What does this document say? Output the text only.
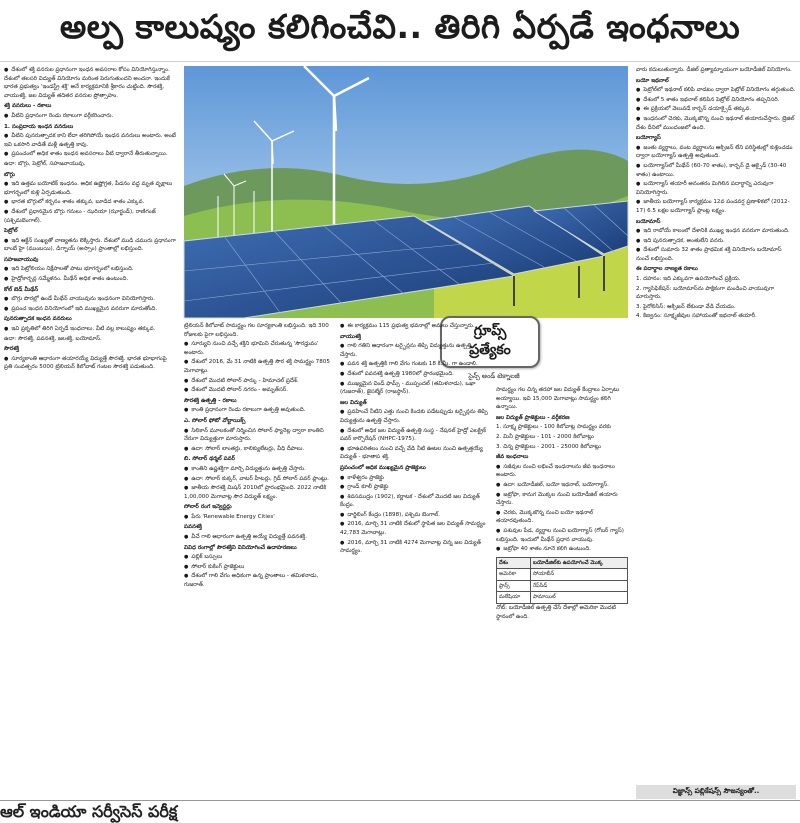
అల్ప కాలుష్యం కలిగించేవి.. తిరిగి ఏర్పడే ఇంధనాలు

● దేశంలో శక్తి వనరుల ప్రధానంగా ఇంధన అవసరాల కోసం వినియోగిస్తున్నాం. దేశంలో తలసరి విద్యుత్ వినియోగం మరింత పెరుగుతుందని అంచనా. ఇందుకే భారత ప్రభుత్వం 'ఇండస్ట్రీ శక్తి' అనే కార్యక్రమానికి శ్రీకారం చుట్టింది. సౌరశక్తి, వాయుశక్తి, జల విద్యుత్ తదితర వనరుల ప్రోత్సాహం.

శక్తి వనరులు - రకాలు

● వీటిని ప్రధానంగా రెండు రకాలుగా వర్గీకరించారు.

1. సంప్రదాయ ఇంధన వనరులు

● వీటిని పునరుత్పాదక కాని లేదా తరిగిపోయే ఇంధన వనరులు అంటారు. అంటే ఇవి ఒకసారి వాడితే మళ్లీ ఉత్పత్తి కావు.

● ప్రపంచంలో అధిక శాతం ఇంధన అవసరాలు వీటి ద్వారానే తీరుతున్నాయి.

ఉదా: బొగ్గు, పెట్రోల్, సహజవాయువు.

బొగ్గు

● ఇది ఉత్తమ బయోటిక్ ఇంధనం. అధిక ఉష్ణోగ్రత, పీడనం వద్ద మృత వృక్షాలు భూగర్భంలో కుళ్లి ఏర్పడుతుంది.

● భారత బొగ్గులో కర్బనం శాతం తక్కువ, బూడిద శాతం ఎక్కువ.

● దేశంలో ప్రధానమైన బొగ్గు గనులు - ఝరియా (ఝార్ఖండ్), రాణిగంజ్ (పశ్చిమబెంగాల్).

పెట్రోల్

● ఇది ఆక్టేన్ సంఖ్యతో నాణ్యతను లెక్కిస్తారు. దేశంలో ముడి చమురు ప్రధానంగా బాంబే హై (ముంబయి), డిగ్బాయ్ (అస్సాం) ప్రాంతాల్లో లభిస్తుంది.

సహజవాయువు

● ఇది పెట్రోలియం నిక్షేపాలతో పాటు భూగర్భంలో లభిస్తుంది.

● హైడ్రోకార్బన్ల సమ్మేళనం. మీథేన్ అధిక శాతం ఉంటుంది.

కోల్ బెడ్ మీథేన్

● బొగ్గు పొరల్లో ఉండే మీథేన్ వాయువును ఇంధనంగా వినియోగిస్తారు.

● ప్రపంచ ఇంధన వినియోగంలో ఇది ముఖ్యమైన వనరుగా మారుతోంది.

పునరుత్పాదక ఇంధన వనరులు

● ఇవి ప్రకృతిలో తిరిగి ఏర్పడే ఇంధనాలు. వీటి వల్ల కాలుష్యం తక్కువ.

ఉదా: సౌరశక్తి, పవనశక్తి, జలశక్తి, బయోమాస్.

సౌరశక్తి

● సూర్యకాంతి ఆధారంగా తయారయ్యే విద్యుత్తే సౌరశక్తి. భారత భూభాగంపై ప్రతి సంవత్సరం 5000 ట్రిలియన్ కిలోవాట్ గంటల సౌరశక్తి పడుతుంది.

గ్రూప్స్
ప్రత్యేకం
సైన్స్ అండ్ టెక్నాలజీ

ట్రిలియన్ కిలోవాట్ సామర్థ్యం గల సూర్యకాంతి లభిస్తుంది. ఇది 300 రోజులకు పైగా లభిస్తుంది.

● సూర్యుని నుంచి వచ్చే శక్తిని భూమిని చేరుతున్న 'సౌరధ్రువం' అంటారు.

● దేశంలో 2016, మే 31 నాటికి ఉత్పత్తి సౌర శక్తి సామర్థ్యం 7805 మెగావాట్లు.

● దేశంలో మొదటి సోలార్ పార్కు - హిమాచల్ ప్రదేశ్.

● దేశంలో మొదటి సోలార్ నగరం - అమృత్‌సర్.

సౌరశక్తి ఉత్పత్తి - రకాలు

● కాంతి ప్రధానంగా రెండు రకాలుగా ఉత్పత్తి అవుతుంది.

ఎ. సోలార్ ఫోటో వోల్టాయిక్స్

● సిలికాన్ మూలకంతో నిర్మించిన సోలార్ ఫ్యానెల్ల ద్వారా కాంతిని నేరుగా విద్యుత్తుగా మారుస్తారు.

● ఉదా: సోలార్ లాంతర్లు, కాలిక్యులేటర్లు, వీధి దీపాలు.

బి. సోలార్ థర్మల్ పవర్

● కాంతిని ఉష్ణశక్తిగా మార్చి విద్యుత్తును ఉత్పత్తి చేస్తారు.

● ఉదా: సోలార్ కుక్కర్, వాటర్ హీటర్లు, గ్రిడ్ సోలార్ పవర్ ప్లాంట్లు.

● జాతీయ సౌరశక్తి మిషన్ 2010లో ప్రారంభమైంది. 2022 నాటికి 1,00,000 మెగావాట్ల సౌర విద్యుత్ లక్ష్యం.

సోలార్ రంగ ఇన్వెస్టర్లు

● పేరు 'Renewable Energy Cities'

పవనశక్తి

● వీచే గాలి ఆధారంగా ఉత్పత్తి అయ్యే విద్యుత్తే పవనశక్తి.

వివిధ రంగాల్లో సౌరశక్తిని వినియోగించే ఉదాహరణలు

● పబ్లిక్ బస్సులు

● సోలార్ కుకింగ్ ప్రాజెక్టులు

● దేశంలో గాలి వేగం అధికంగా ఉన్న ప్రాంతాలు - తమిళనాడు, గుజరాత్.

● ఈ కార్యక్రమం 115 ప్రభుత్వ భవనాల్లో అమలు చేస్తున్నారు.

వాయుశక్తి

● గాలి గతిని ఆధారంగా టర్బైన్లను తిప్పి విద్యుత్తును ఉత్పత్తి చేస్తారు.

● పవన శక్తి ఉత్పత్తికి గాలి వేగం గంటకు 18 కి.మీ. గా ఉండాలి.

● దేశంలో పవనశక్తి ఉత్పత్తి 1980లో ప్రారంభమైంది.

● ముఖ్యమైన విండ్ ఫామ్స్ - ముప్పందల్ (తమిళనాడు), ఒఖా (గుజరాత్), జైసల్మేర్ (రాజస్థాన్).

జల విద్యుత్

● ప్రవహించే నీటిని ఎత్తు నుంచి కిందకు పడేటప్పుడు టర్బైన్లను తిప్పి విద్యుత్తును ఉత్పత్తి చేస్తారు.

● దేశంలో అధిక జల విద్యుత్ ఉత్పత్తి సంస్థ - నేషనల్ హైడ్రో ఎలక్ట్రిక్ పవర్ కార్పొరేషన్ (NHPC-1975).

● భూఉపరితలం నుంచి వచ్చే వేడి నీటి ఊటల నుంచి ఉత్పత్తయ్యే విద్యుత్ - భూతాప శక్తి.

ప్రపంచంలో అధిక ముఖ్యమైన ప్రాజెక్టులు

● కాళేశ్వరం ప్రాజెక్టు

● గ్రాండ్ కూలీ ప్రాజెక్టు

● శివసముద్రం (1902), కర్ణాటక - దేశంలో మొదటి జల విద్యుత్ కేంద్రం.

● దార్జిలింగ్ కేంద్రం (1898), పశ్చిమ బెంగాల్.

● 2016, మార్చి 31 నాటికి దేశంలో స్థాపిత జల విద్యుత్ సామర్థ్యం 42,783 మెగావాట్లు.

● 2016, మార్చి 31 నాటికి 4274 మెగావాట్ల చిన్న జల విద్యుత్ సామర్థ్యం.

సామర్థ్యం గల చిన్న తరహా జల విద్యుత్ కేంద్రాలు ఏర్పాటు అయ్యాయి. ఇవి 15,000 మెగావాట్లు సామర్థ్యం కలిగి ఉన్నాయి.

జల విద్యుత్ ప్రాజెక్టులు - వర్గీకరణ

1. సూక్ష్మ ప్రాజెక్టులు - 100 కిలోవాట్ల సామర్థ్యం వరకు

2. మినీ ప్రాజెక్టులు - 101 - 2000 కిలోవాట్లు

3. చిన్న ప్రాజెక్టులు - 2001 - 25000 కిలోవాట్లు

జీవ ఇంధనాలు

● సజీవుల నుంచి లభించే ఇంధనాలను జీవ ఇంధనాలు అంటారు.

● ఉదా: బయోడీజిల్, బయో ఇథనాల్, బయోగ్యాస్.

● జట్రోఫా, కానుగ మొక్కల నుంచి బయోడీజిల్ తయారు చేస్తారు.

● చెరకు, మొక్కజొన్న నుంచి బయో ఇథనాల్ తయారవుతుంది.

● పశువుల పేడ, వ్యర్థాల నుంచి బయోగ్యాస్ (గోబర్ గ్యాస్) లభిస్తుంది. ఇందులో మీథేన్ ప్రధాన వాయువు.

● జట్రోఫా 40 శాతం నూనె కలిగి ఉంటుంది.

దేశం	బయోడీజిల్‌కు ఉపయోగించే మొక్క
అమెరికా	సోయాబీన్
ఫ్రాన్స్	రేప్‌సీడ్
మలేషియా	పామాయిల్

నోట్: బయోడీజిల్ ఉత్పత్తి చేసే దేశాల్లో అమెరికా మొదటి స్థానంలో ఉంది.

వారు కదులుతున్నారు. డీజిల్ ప్రత్యామ్నాయంగా బయోడీజిల్ వినియోగం.

బయో ఇథనాల్

● పెట్రోల్‌లో ఇథనాల్ కలిపి వాడటం ద్వారా పెట్రోల్ వినియోగం తగ్గుతుంది.

● దేశంలో 5 శాతం ఇథనాల్ కలిపిన పెట్రోల్ వినియోగం తప్పనిసరి.

● ఈ ప్రక్రియలో వెలువడే కార్బన్ డయాక్సైడ్ తక్కువ.

● ఇంధనంలో చెరకు, మొక్కజొన్న నుంచి ఇథనాల్ తయారుచేస్తారు. బ్రెజిల్ దేశం దీనిలో ముందంజలో ఉంది.

బయోగ్యాస్

● జంతు వ్యర్థాలు, వంట వ్యర్థాలను ఆక్సిజన్ లేని పరిస్థితుల్లో కుళ్లించడం ద్వారా బయోగ్యాస్ ఉత్పత్తి అవుతుంది.

● బయోగ్యాస్‌లో మీథేన్ (60-70 శాతం), కార్బన్ డై ఆక్సైడ్ (30-40 శాతం) ఉంటాయి.

● బయోగ్యాస్ తయారీ అనంతరం మిగిలిన పదార్థాన్ని ఎరువుగా వినియోగిస్తారు.

● జాతీయ బయోగ్యాస్ కార్యక్రమం 12వ పంచవర్ష ప్రణాళికలో (2012-17) 6.5 లక్షల బయోగ్యాస్ ప్లాంట్ల లక్ష్యం.

బయోమాస్

● ఇది రాబోయే కాలంలో దేశానికి ముఖ్య ఇంధన వనరుగా మారుతుంది.

● ఇది పునరుత్పాదక, అంతులేని వనరు.

● దేశంలో సుమారు 32 శాతం ప్రాథమిక శక్తి వినియోగం బయోమాస్ నుంచే లభిస్తుంది.

ఈ పదార్థాల నాణ్యత రకాలు

1. దహనం: ఇది ఎక్కువగా ఉపయోగించే ప్రక్రియ.

2. గ్యాసిఫికేషన్: బయోమాస్‌ను పాక్షికంగా మండించి వాయువుగా మారుస్తారు.

3. పైరోలిసిస్: ఆక్సిజన్ లేకుండా వేడి చేయడం.

4. కిణ్వనం: సూక్ష్మజీవుల సహాయంతో ఇథనాల్ తయారీ.

విజ్ఞాన్స్ పబ్లికేషన్స్ సౌజన్యంతో..
ఆల్ ఇండియా సర్వీసెస్ పరీక్ష
